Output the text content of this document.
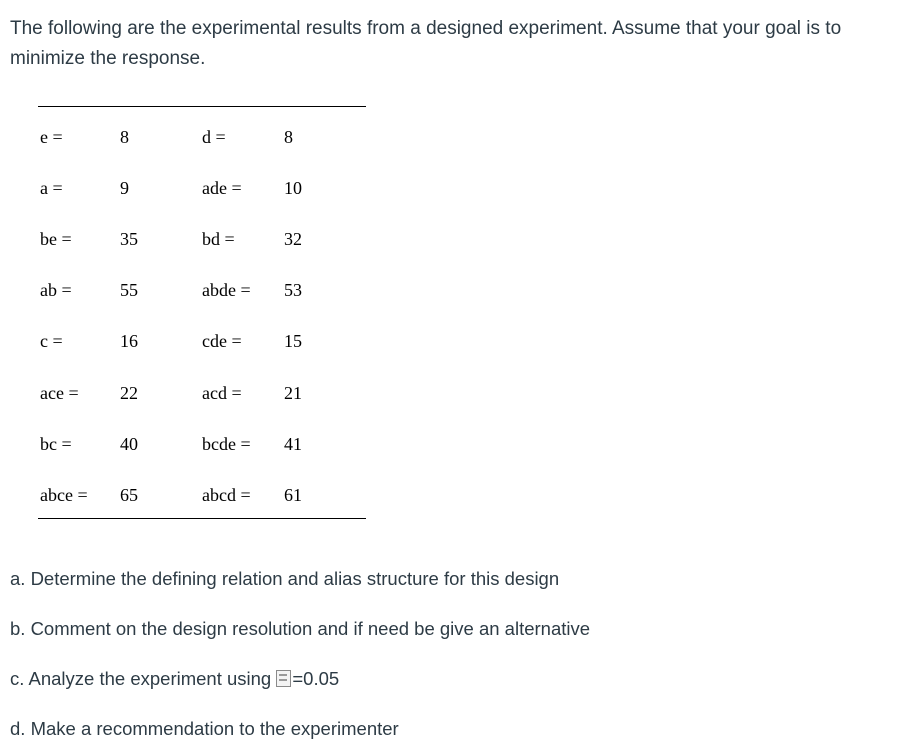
The following are the experimental results from a designed experiment. Assume that your goal is to minimize the response.

e =	8	d =	8
a =	9	ade = 10
be =	35	bd =	32
ab =	55	abde = 53
c =	16	cde = 15
ace = 22	acd = 21
bc =	40	bcde = 41
abce = 65	abcd = 61

a. Determine the defining relation and alias structure for this design

b. Comment on the design resolution and if need be give an alternative

c. Analyze the experiment using =0.05

d. Make a recommendation to the experimenter
